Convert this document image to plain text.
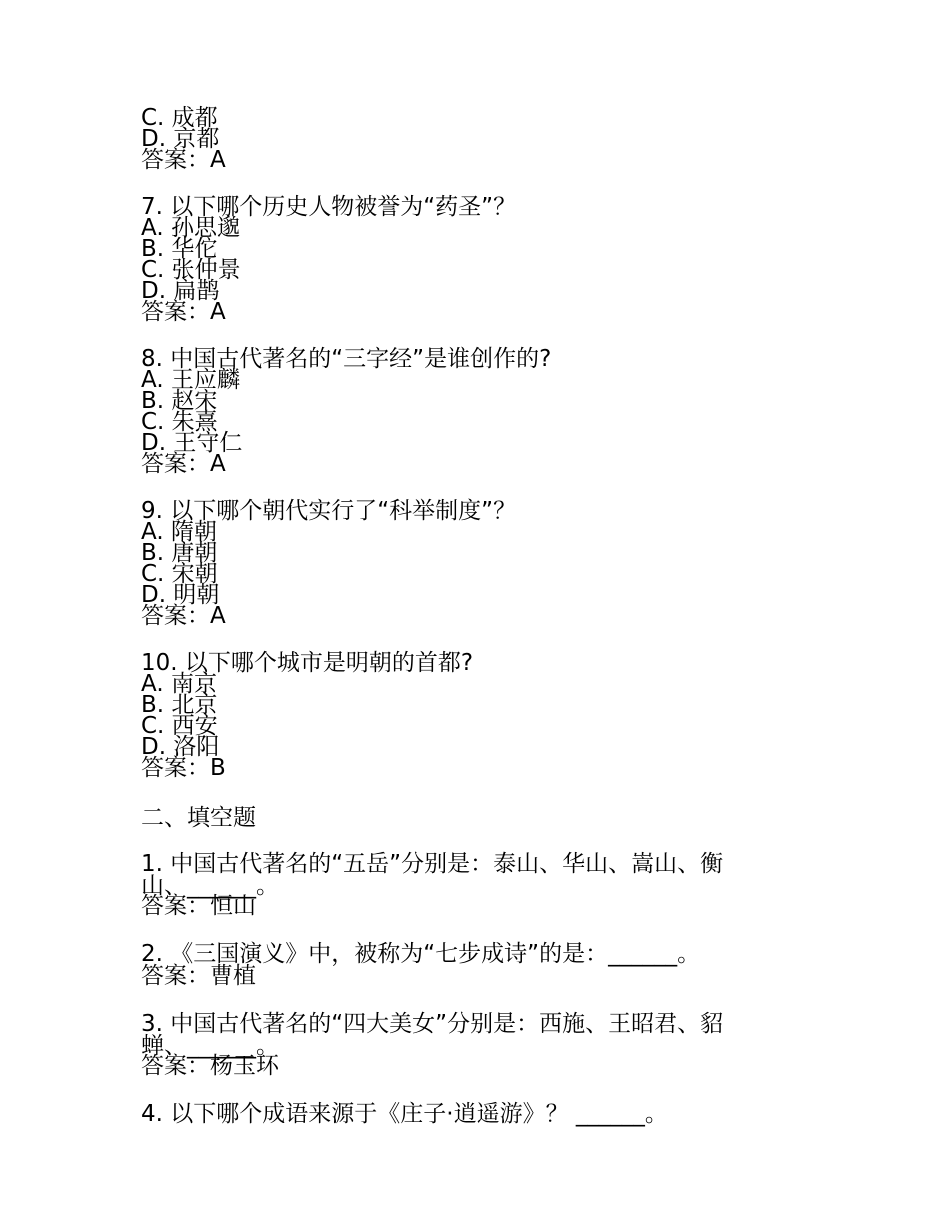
C. 成都
D. 京都
答案：A
7. 以下哪个历史人物被誉为“药圣”？
A. 孙思邈
B. 华佗
C. 张仲景
D. 扁鹊
答案：A
8. 中国古代著名的“三字经”是谁创作的?
A. 王应麟
B. 赵宋
C. 朱熹
D. 王守仁
答案：A
9. 以下哪个朝代实行了“科举制度”？
A. 隋朝
B. 唐朝
C. 宋朝
D. 明朝
答案：A
10. 以下哪个城市是明朝的首都?
A. 南京
B. 北京
C. 西安
D. 洛阳
答案：B
二、填空题
1. 中国古代著名的“五岳”分别是：泰山、华山、嵩山、衡
山、______。
答案：恒山
2. 《三国演义》中，被称为“七步成诗”的是：______。
答案：曹植
3. 中国古代著名的“四大美女”分别是：西施、王昭君、貂
蝉、______。
答案：杨玉环
4. 以下哪个成语来源于《庄子·逍遥游》？ ______。
